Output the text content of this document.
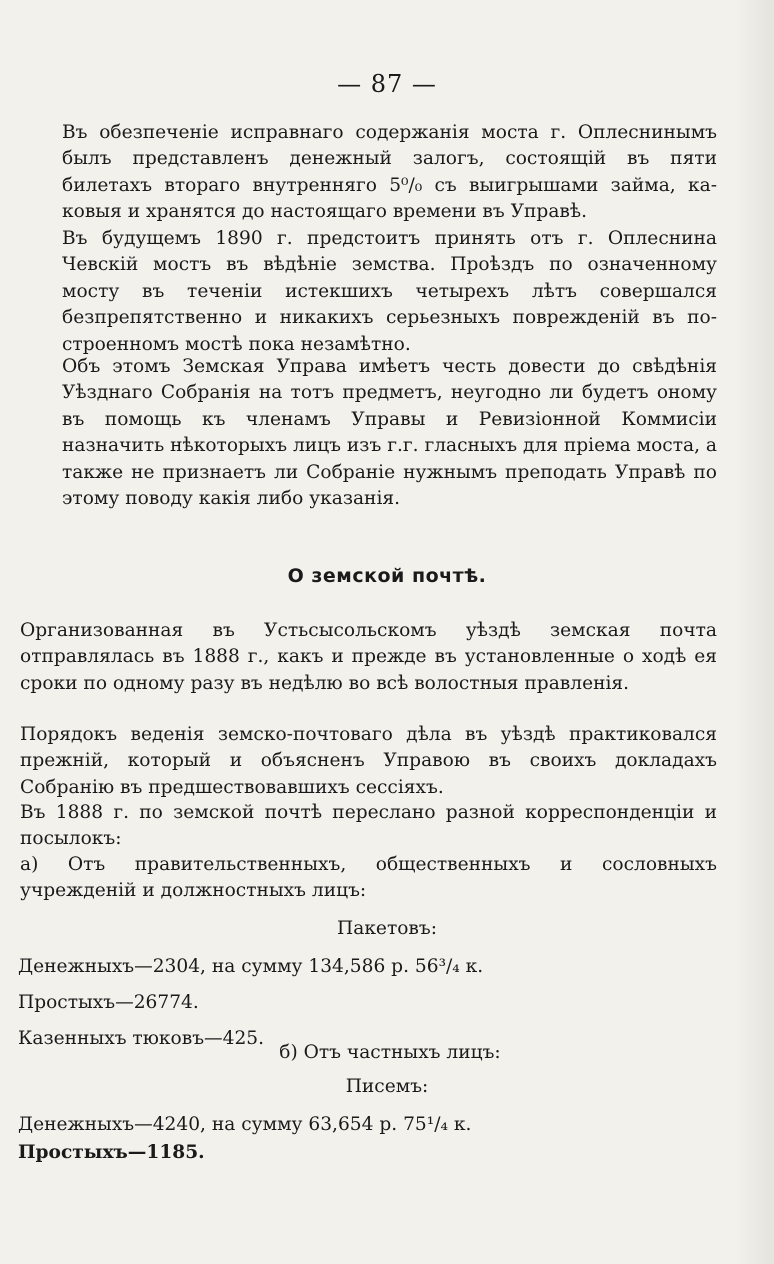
— 87 —

Въ обезпеченіе исправнаго содержанія моста г. Оплеснинымъ былъ представленъ денежный залогъ, состоящій въ пяти билетахъ втораго внутренняго 5⁰/₀ съ выигрышами займа, каковыя и хранятся до настоящаго времени въ Управѣ.

Въ будущемъ 1890 г. предстоитъ принять отъ г. Оплеснина Чевскій мостъ въ вѣдѣніе земства. Проѣздъ по означенному мосту въ теченіи истекшихъ четырехъ лѣтъ совершался безпрепятственно и никакихъ серьезныхъ поврежденій въ построенномъ мостѣ пока незамѣтно.

Объ этомъ Земская Управа имѣетъ честь довести до свѣдѣнія Уѣзднаго Собранія на тотъ предметъ, неугодно ли будетъ оному въ помощь къ членамъ Управы и Ревизіонной Коммисіи назначить нѣкоторыхъ лицъ изъ г.г. гласныхъ для пріема моста, а также не признаетъ ли Собраніе нужнымъ преподать Управѣ по этому поводу какія либо указанія.

О земской почтѣ.

Организованная въ Устьсысольскомъ уѣздѣ земская почта отправлялась въ 1888 г., какъ и прежде въ установленные о ходѣ ея сроки по одному разу въ недѣлю во всѣ волостныя правленія.

Порядокъ веденія земско-почтоваго дѣла въ уѣздѣ практиковался прежній, который и объясненъ Управою въ своихъ докладахъ Собранію въ предшествовавшихъ сессіяхъ.

Въ 1888 г. по земской почтѣ переслано разной корреспонденціи и посылокъ:

а) Отъ правительственныхъ, общественныхъ и сословныхъ учрежденій и должностныхъ лицъ:

Пакетовъ:
Денежныхъ—2304, на сумму 134,586 р. 56³/₄ к.
Простыхъ—26774.
Казенныхъ тюковъ—425.
б) Отъ частныхъ лицъ:
Писемъ:
Денежныхъ—4240, на сумму 63,654 р. 75¹/₄ к.
Простыхъ—1185.
